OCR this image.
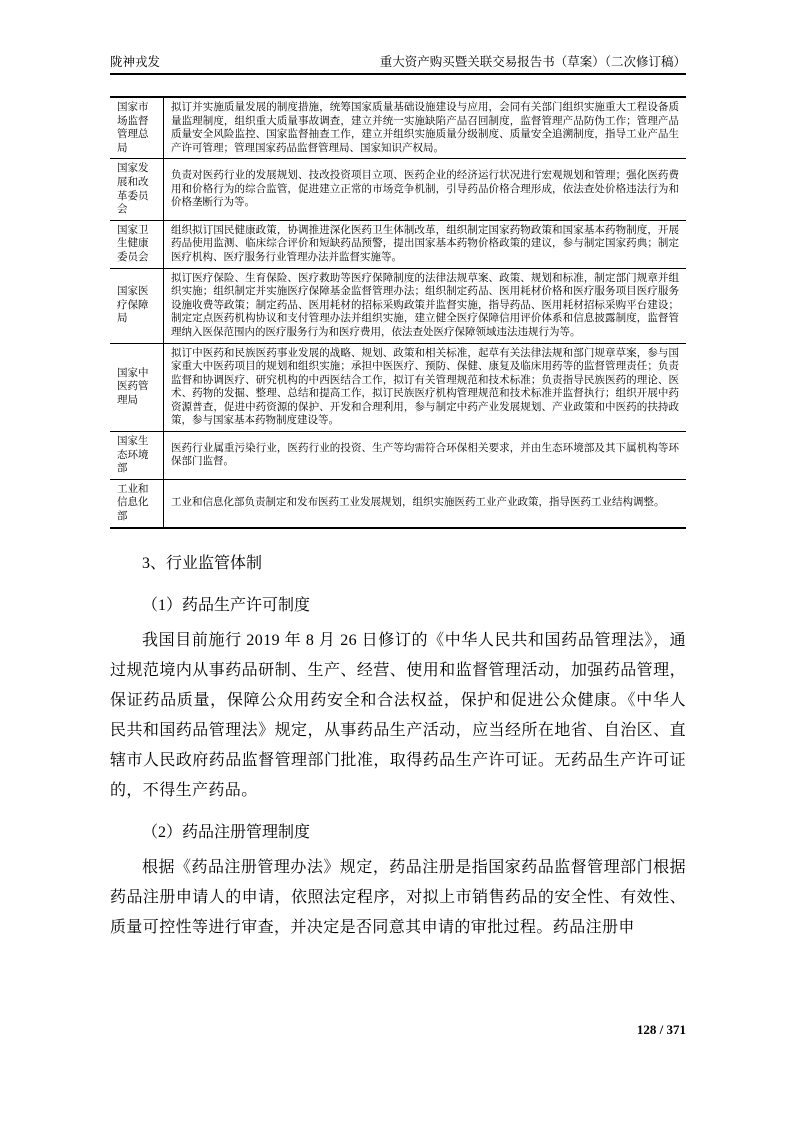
陇神戎发	重大资产购买暨关联交易报告书（草案）（二次修订稿）
国家市场监督管理总局	拟订并实施质量发展的制度措施，统筹国家质量基础设施建设与应用，会同有关部门组织实施重大工程设备质量监理制度，组织重大质量事故调查，建立并统一实施缺陷产品召回制度，监督管理产品防伪工作；管理产品质量安全风险监控、国家监督抽查工作，建立并组织实施质量分级制度、质量安全追溯制度，指导工业产品生产许可管理；管理国家药品监督管理局、国家知识产权局。
国家发展和改革委员会	负责对医药行业的发展规划、技改投资项目立项、医药企业的经济运行状况进行宏观规划和管理；强化医药费用和价格行为的综合监管，促进建立正常的市场竞争机制，引导药品价格合理形成，依法查处价格违法行为和价格垄断行为等。
国家卫生健康委员会	组织拟订国民健康政策，协调推进深化医药卫生体制改革，组织制定国家药物政策和国家基本药物制度，开展药品使用监测、临床综合评价和短缺药品预警，提出国家基本药物价格政策的建议，参与制定国家药典；制定医疗机构、医疗服务行业管理办法并监督实施等。
国家医疗保障局	拟订医疗保险、生育保险、医疗救助等医疗保障制度的法律法规草案、政策、规划和标准，制定部门规章并组织实施；组织制定并实施医疗保障基金监督管理办法；组织制定药品、医用耗材价格和医疗服务项目医疗服务设施收费等政策；制定药品、医用耗材的招标采购政策并监督实施，指导药品、医用耗材招标采购平台建设；制定定点医药机构协议和支付管理办法并组织实施，建立健全医疗保障信用评价体系和信息披露制度，监督管理纳入医保范围内的医疗服务行为和医疗费用，依法查处医疗保障领域违法违规行为等。
国家中医药管理局	拟订中医药和民族医药事业发展的战略、规划、政策和相关标准，起草有关法律法规和部门规章草案，参与国家重大中医药项目的规划和组织实施；承担中医医疗、预防、保健、康复及临床用药等的监督管理责任；负责监督和协调医疗、研究机构的中西医结合工作，拟订有关管理规范和技术标准；负责指导民族医药的理论、医术、药物的发掘、整理、总结和提高工作，拟订民族医疗机构管理规范和技术标准并监督执行；组织开展中药资源普查，促进中药资源的保护、开发和合理利用，参与制定中药产业发展规划、产业政策和中医药的扶持政策，参与国家基本药物制度建设等。
国家生态环境部	医药行业属重污染行业，医药行业的投资、生产等均需符合环保相关要求，并由生态环境部及其下属机构等环保部门监督。
工业和信息化部	工业和信息化部负责制定和发布医药工业发展规划，组织实施医药工业产业政策，指导医药工业结构调整。
3、行业监管体制
（1）药品生产许可制度

我国目前施行 2019 年 8 月 26 日修订的《中华人民共和国药品管理法》，通过规范境内从事药品研制、生产、经营、使用和监督管理活动，加强药品管理，保证药品质量，保障公众用药安全和合法权益，保护和促进公众健康。《中华人民共和国药品管理法》规定，从事药品生产活动，应当经所在地省、自治区、直辖市人民政府药品监督管理部门批准，取得药品生产许可证。无药品生产许可证的，不得生产药品。

（2）药品注册管理制度

根据《药品注册管理办法》规定，药品注册是指国家药品监督管理部门根据药品注册申请人的申请，依照法定程序，对拟上市销售药品的安全性、有效性、质量可控性等进行审查，并决定是否同意其申请的审批过程。药品注册申

128 / 371
